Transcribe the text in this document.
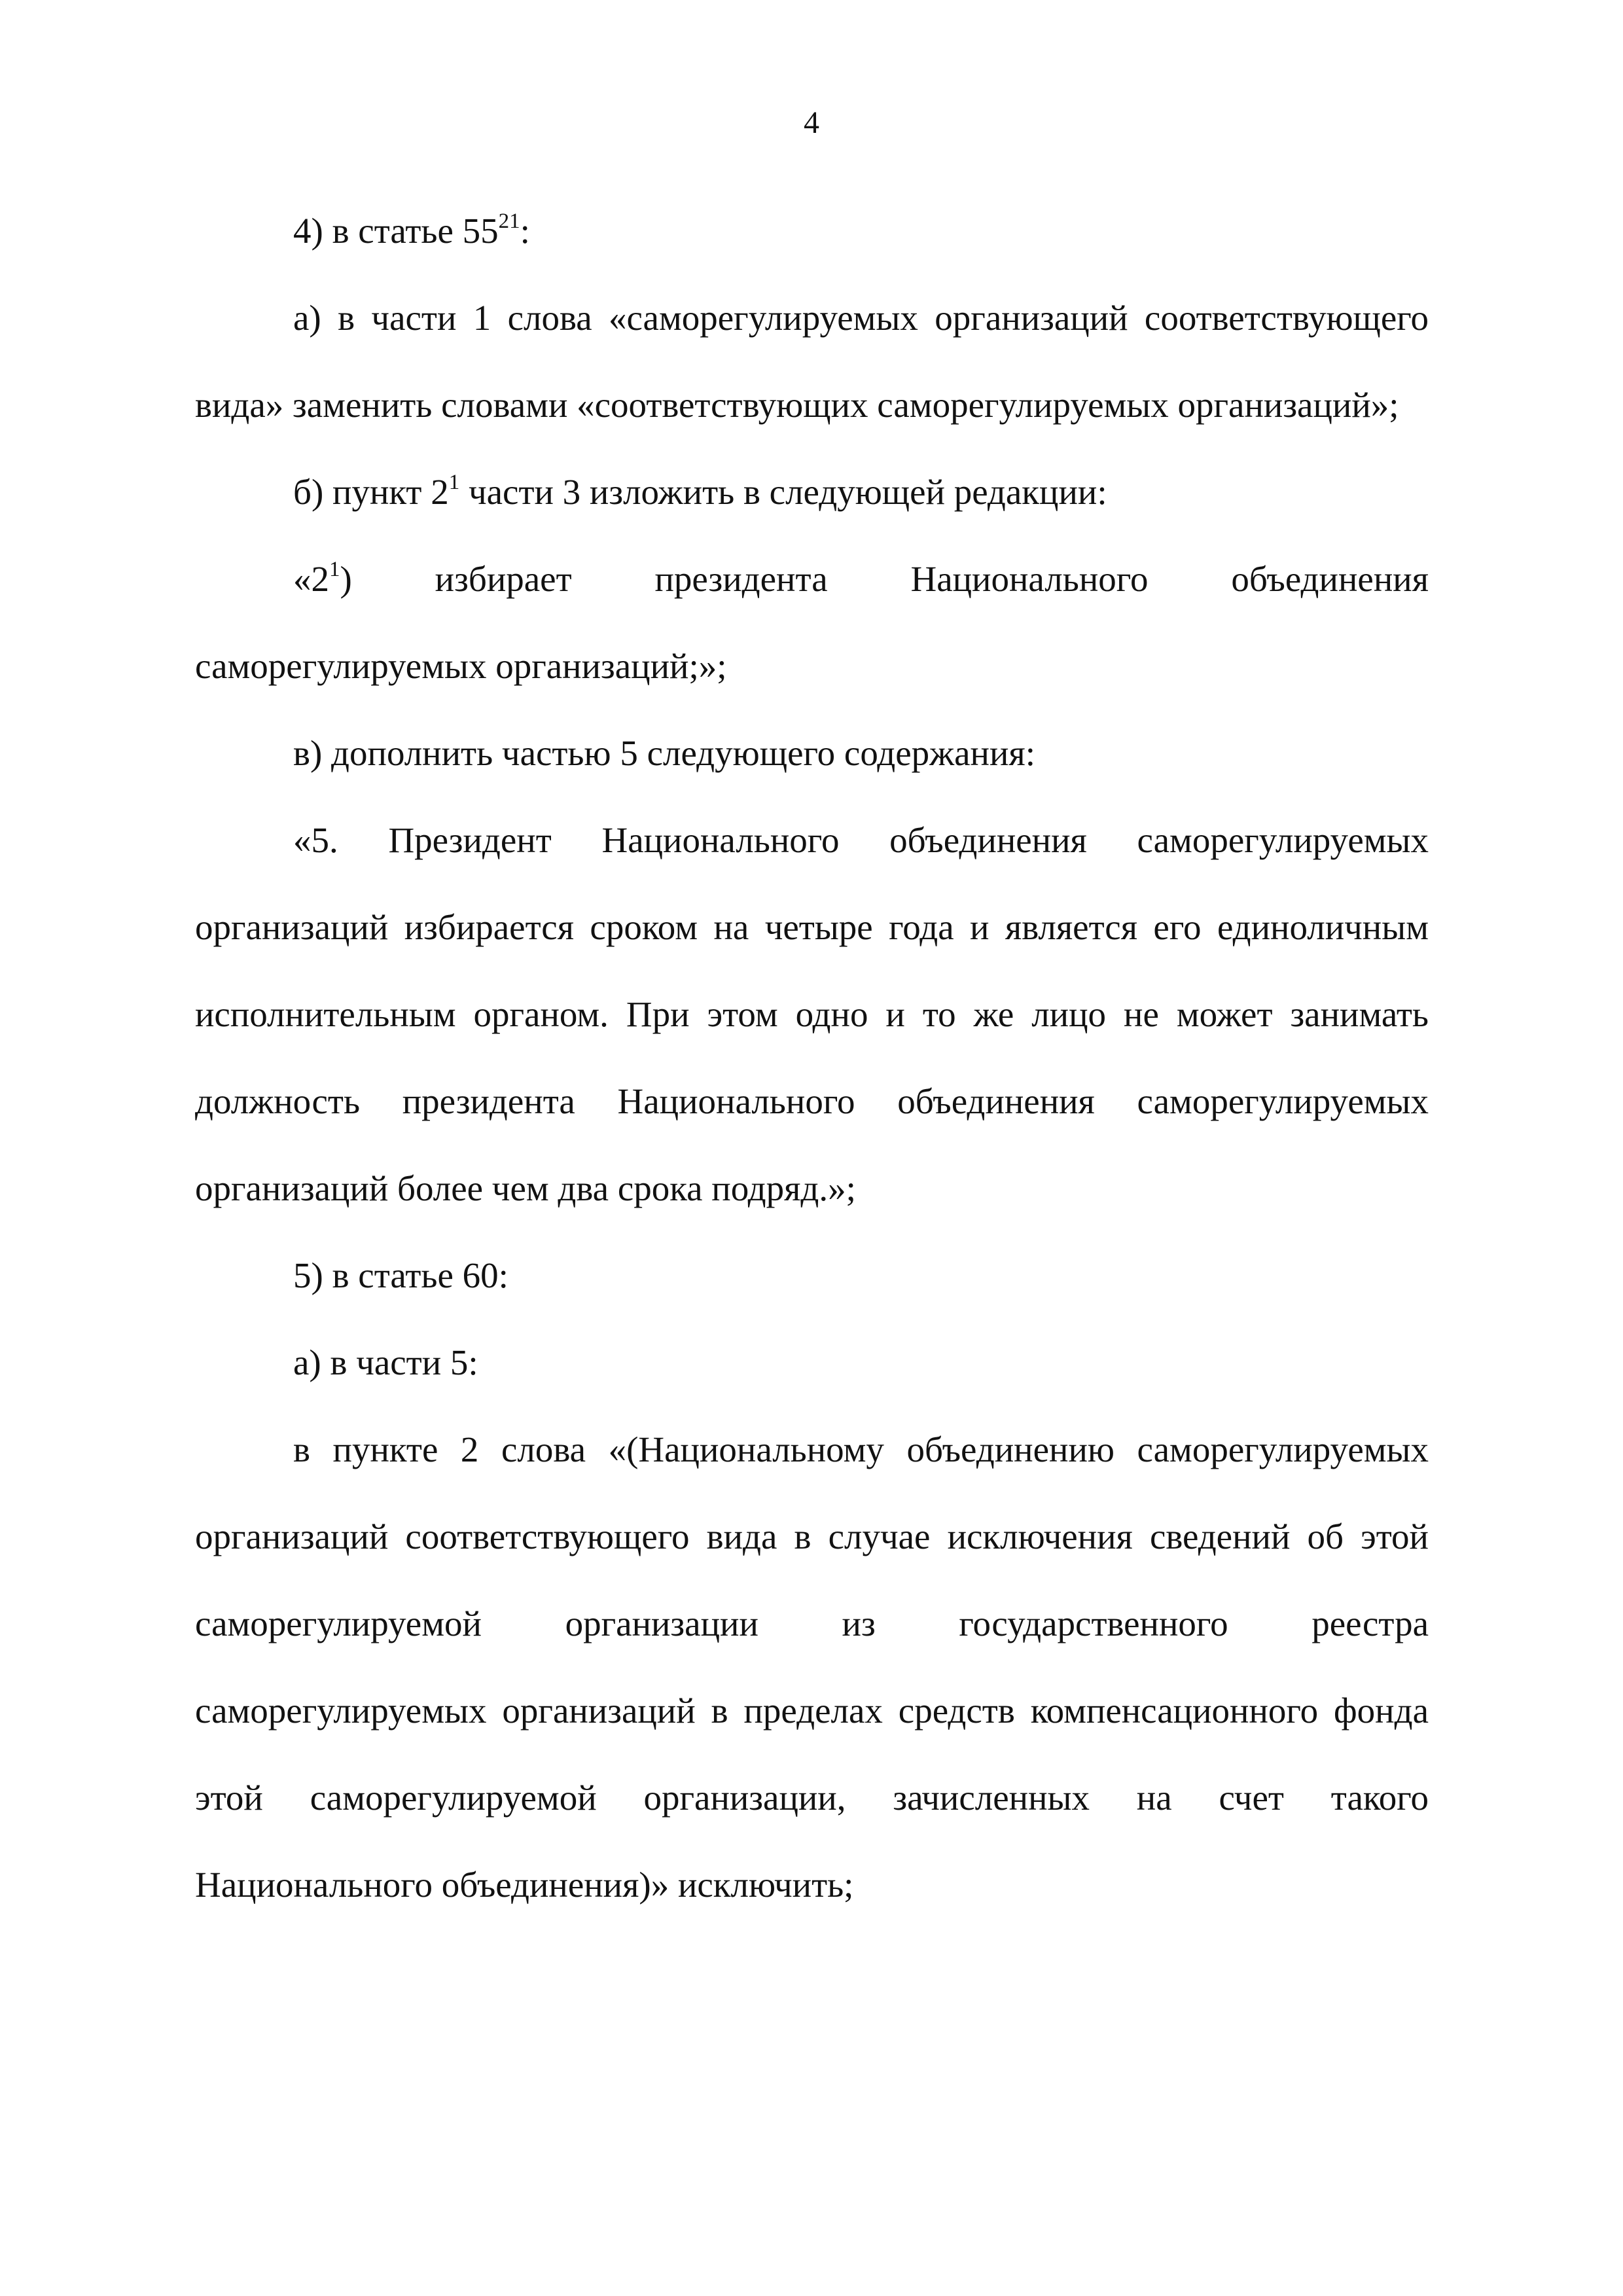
4

4) в статье $55^{21}$:

а) в части 1 слова «саморегулируемых организаций соответствующего вида» заменить словами «соответствующих саморегулируемых организаций»;

б) пункт $2^1$ части 3 изложить в следующей редакции:

«$2^1$) избирает президента Национального объединения саморегулируемых организаций;»;

в) дополнить частью 5 следующего содержания:

«5. Президент Национального объединения саморегулируемых организаций избирается сроком на четыре года и является его единоличным исполнительным органом. При этом одно и то же лицо не может занимать должность президента Национального объединения саморегулируемых организаций более чем два срока подряд.»;

5) в статье 60:

а) в части 5:

в пункте 2 слова «(Национальному объединению саморегулируемых организаций соответствующего вида в случае исключения сведений об этой саморегулируемой организации из государственного реестра саморегулируемых организаций в пределах средств компенсационного фонда этой саморегулируемой организации, зачисленных на счет такого Национального объединения)» исключить;
